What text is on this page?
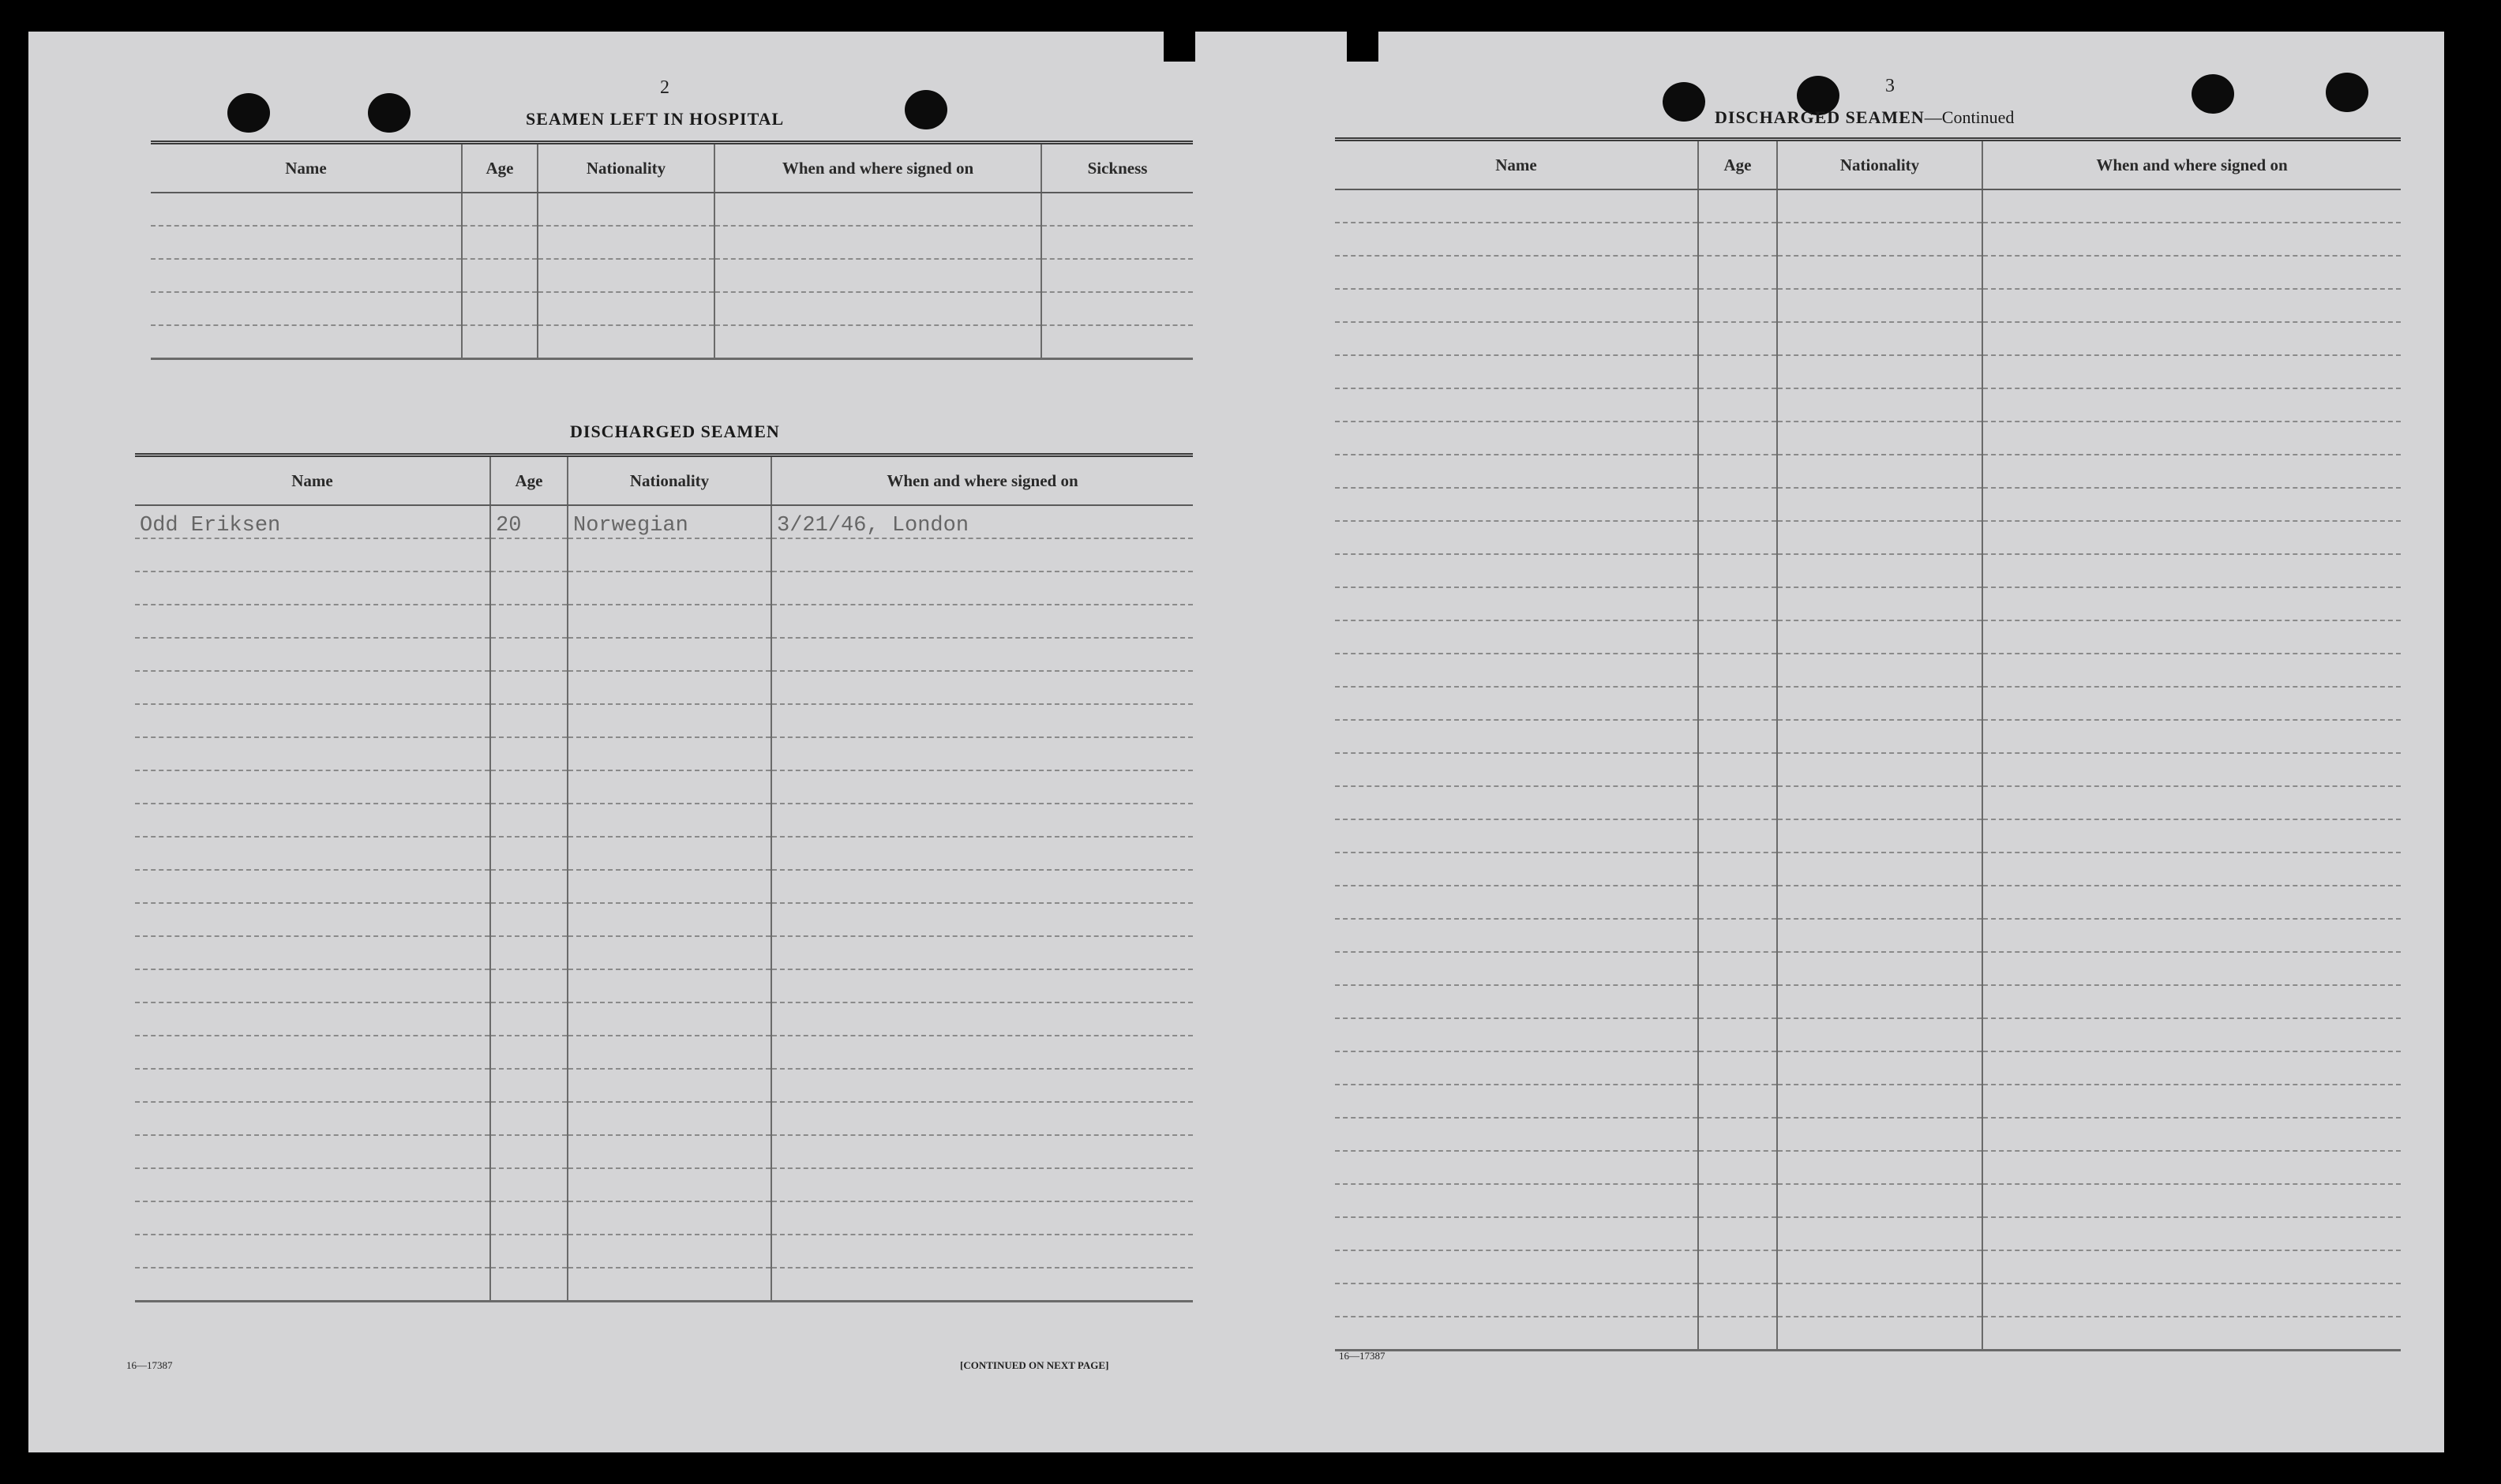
2
SEAMEN LEFT IN HOSPITAL
Name	Age	Nationality	When and where signed on	Sickness

DISCHARGED SEAMEN
Name	Age	Nationality	When and where signed on
Odd Eriksen	20	Norwegian	3/21/46, London

16—17387	[CONTINUED ON NEXT PAGE]
3
DISCHARGED SEAMEN—Continued
Name	Age	Nationality	When and where signed on

16—17387
